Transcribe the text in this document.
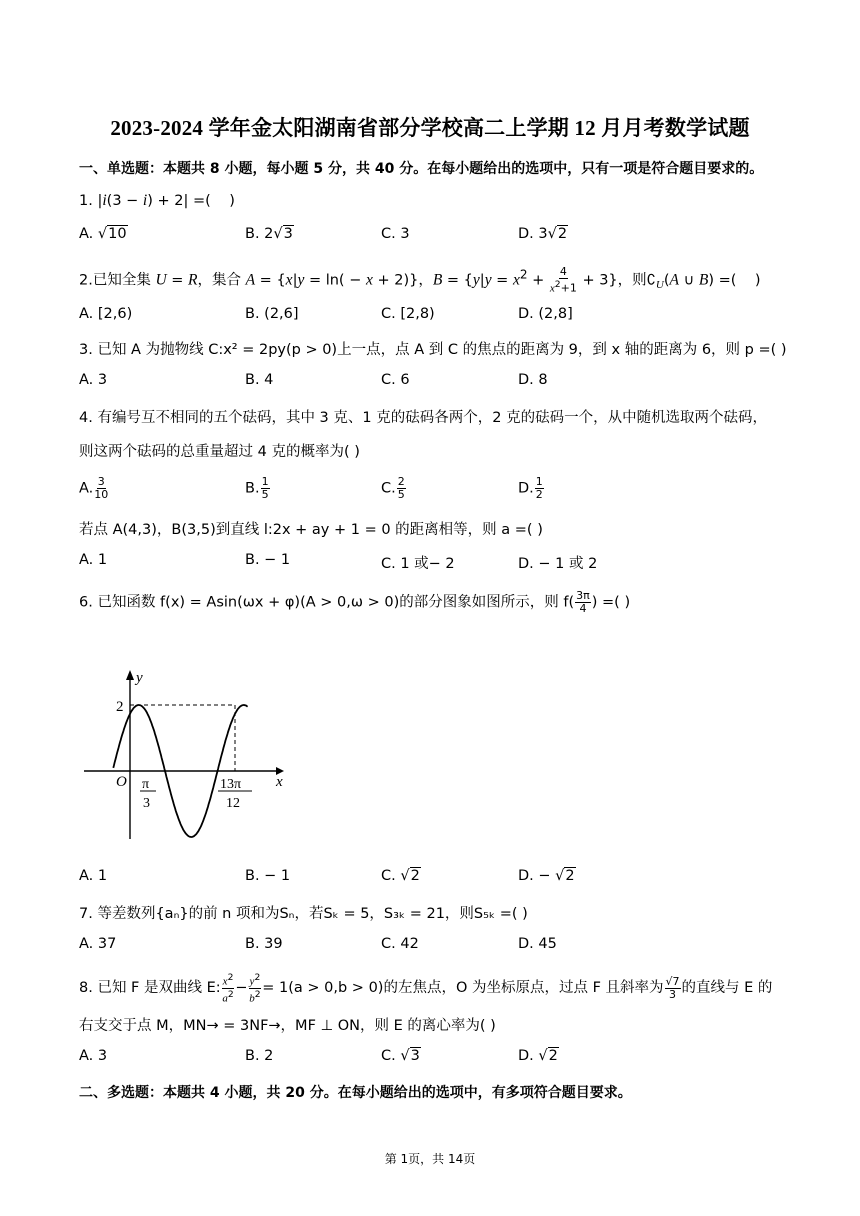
2023-2024 学年金太阳湖南省部分学校高二上学期 12 月月考数学试题
一、单选题：本题共 8 小题，每小题 5 分，共 40 分。在每小题给出的选项中，只有一项是符合题目要求的。
1. |i(3 − i) + 2| =(    )
A. √10	B. 2√3	C. 3	D. 3√2
2.已知全集 U = R，集合 A = {x|y = ln( − x + 2)}，$B = \{y|y = x^2 + \frac{4}{x^2+1} + 3\}$，则$∁_U(A$ ∪ B) =(    )
A. [2,6)	B. (2,6]	C. [2,8)	D. (2,8]
3. 已知 A 为抛物线 C:x² = 2py(p > 0)上一点，点 A 到 C 的焦点的距离为 9，到 x 轴的距离为 6，则 p =( )
A. 3	B. 4	C. 6	D. 8
4. 有编号互不相同的五个砝码，其中 3 克、1 克的砝码各两个，2 克的砝码一个，从中随机选取两个砝码，
则这两个砝码的总重量超过 4 克的概率为( )
A. $\frac{3}{10}$	B. $\frac{1}{5}$	C. $\frac{2}{5}$	D. $\frac{1}{2}$
若点 A(4,3)，B(3,5)到直线 l:2x + ay + 1 = 0 的距离相等，则 a =( )
A. 1	B. − 1	C. 1 或− 2	D. − 1 或 2
6. 已知函数 f(x) = Asin(ωx + φ)(A > 0,ω > 0)的部分图象如图所示，则 $f( \frac{3\pi}{4}$ ) =( )
y
x
O
2
π
3
13π
12
A. 1	B. − 1	C. √2	D. − √2
7. 等差数列{aₙ}的前 n 项和为Sₙ，若Sₖ = 5，S₃ₖ = 21，则S₅ₖ =( )
A. 37	B. 39	C. 42	D. 45
8. 已知 F 是双曲线 E: $\frac{x^2}{a^2} - \frac{y^2}{b^2} = 1(a > 0,b > 0)$的左焦点，O 为坐标原点，过点 F 且斜率为 $\frac{√7}{3}$ 的直线与 E 的
右支交于点 M，MN→ = 3NF→，MF ⊥ ON，则 E 的离心率为( )
A. 3	B. 2	C. √3	D. √2
二、多选题：本题共 4 小题，共 20 分。在每小题给出的选项中，有多项符合题目要求。
第 1页，共 14页
